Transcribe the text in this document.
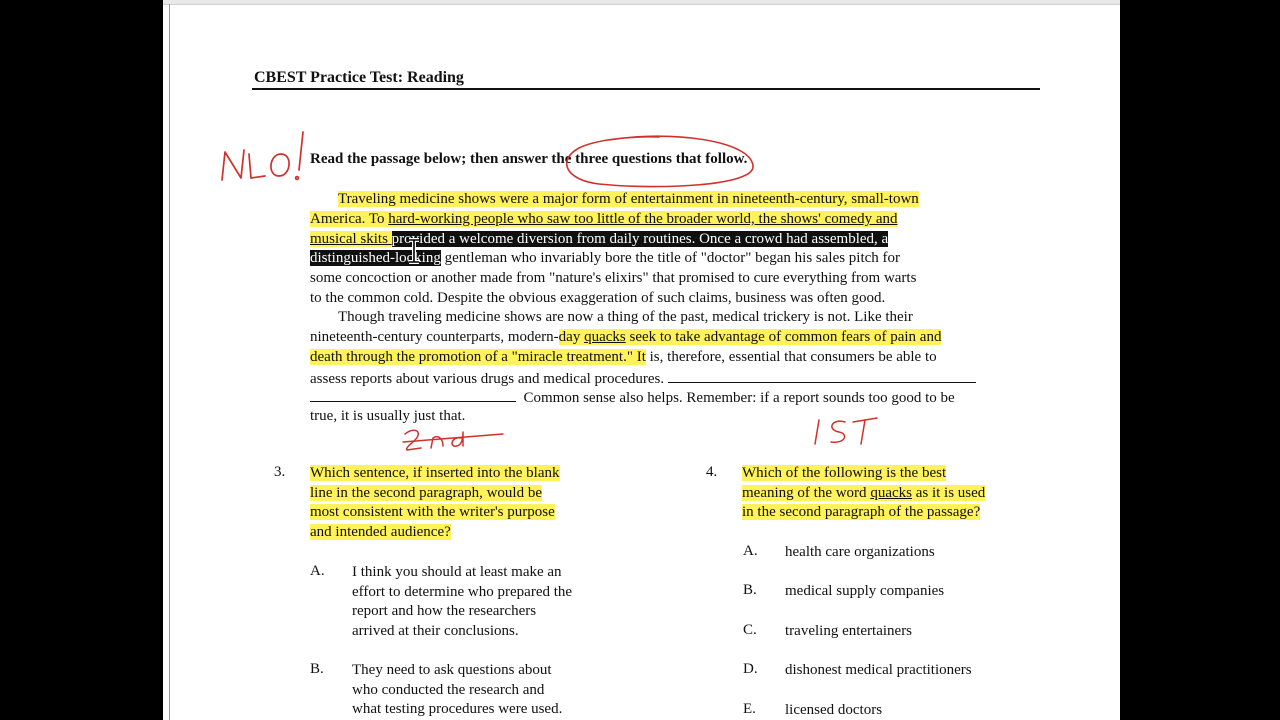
CBEST Practice Test: Reading
Read the passage below; then answer the three questions that follow.
Traveling medicine shows were a major form of entertainment in nineteenth-century, small-town
America. To hard-working people who saw too little of the broader world, the shows' comedy and
musical skits provided a welcome diversion from daily routines. Once a crowd had assembled, a
distinguished-looking gentleman who invariably bore the title of "doctor" began his sales pitch for
some concoction or another made from "nature's elixirs" that promised to cure everything from warts
to the common cold. Despite the obvious exaggeration of such claims, business was often good.
Though traveling medicine shows are now a thing of the past, medical trickery is not. Like their
nineteenth-century counterparts, modern-day quacks seek to take advantage of common fears of pain and
death through the promotion of a "miracle treatment." It is, therefore, essential that consumers be able to
assess reports about various drugs and medical procedures.
Common sense also helps. Remember: if a report sounds too good to be
true, it is usually just that.
3. Which sentence, if inserted into the blank
line in the second paragraph, would be
most consistent with the writer's purpose
and intended audience?
A. I think you should at least make an
effort to determine who prepared the
report and how the researchers
arrived at their conclusions.
B. They need to ask questions about
who conducted the research and
what testing procedures were used.
4. Which of the following is the best
meaning of the word quacks as it is used
in the second paragraph of the passage?
A. health care organizations
B. medical supply companies
C. traveling entertainers
D. dishonest medical practitioners
E. licensed doctors
